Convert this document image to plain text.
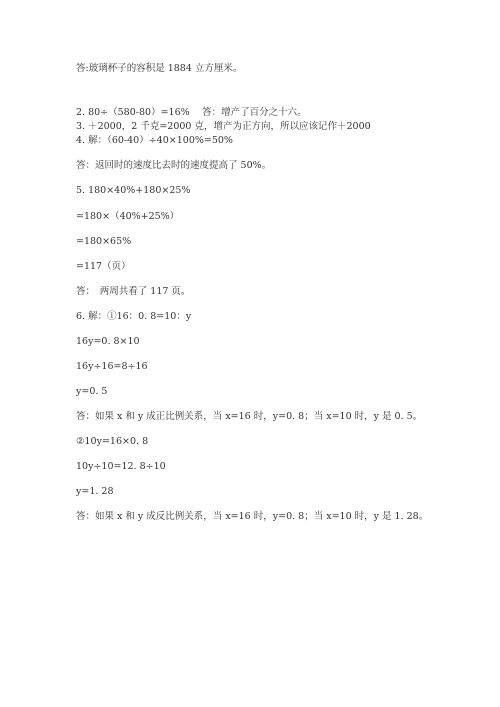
答:玻璃杯子的容积是 1884 立方厘米。
2. 80÷（580-80）=16%　 答：增产了百分之十六。
3. ＋2000，2 千克=2000 克，增产为正方向，所以应该记作＋2000
4. 解：（60-40）÷40×100%=50%
答：返回时的速度比去时的速度提高了 50%。
5. 180×40%+180×25%
=180×（40%+25%）
=180×65%
=117（页）
答：　两周共看了 117 页。
6. 解：①16：0. 8=10：y
16y=0. 8×10
16y÷16=8÷16
y=0. 5
答：如果 x 和 y 成正比例关系，当 x=16 时，y=0. 8；当 x=10 时，y 是 0. 5。
②10y=16×0. 8
10y÷10=12. 8÷10
y=1. 28
答：如果 x 和 y 成反比例关系，当 x=16 时，y=0. 8；当 x=10 时，y 是 1. 28。
